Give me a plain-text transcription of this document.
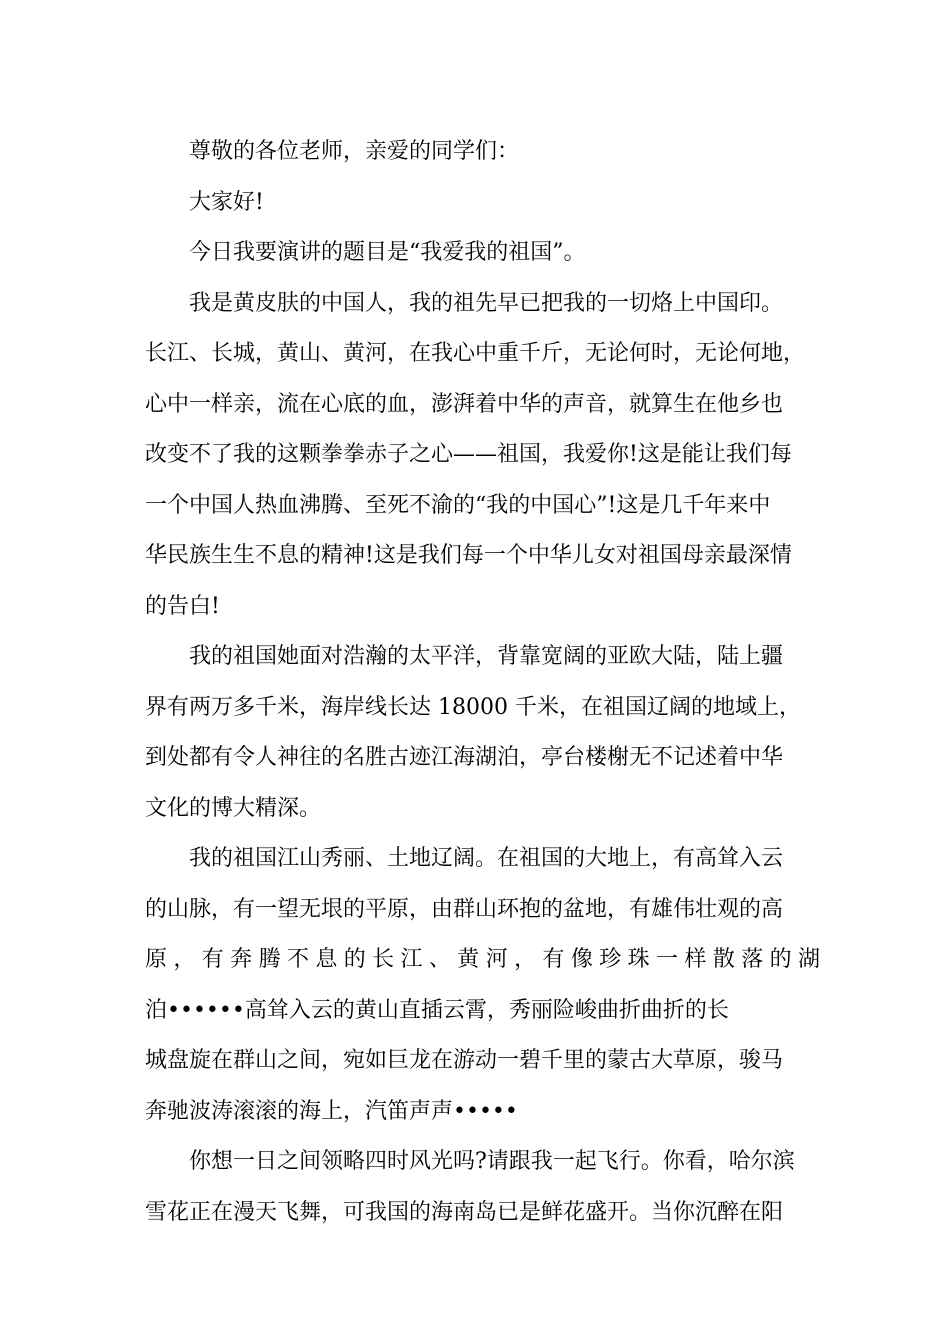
尊敬的各位老师，亲爱的同学们：
大家好!
今日我要演讲的题目是“我爱我的祖国”。
我是黄皮肤的中国人，我的祖先早已把我的一切烙上中国印。
长江、长城，黄山、黄河，在我心中重千斤，无论何时，无论何地，
心中一样亲，流在心底的血，澎湃着中华的声音，就算生在他乡也
改变不了我的这颗拳拳赤子之心——祖国，我爱你!这是能让我们每
一个中国人热血沸腾、至死不渝的“我的中国心”!这是几千年来中
华民族生生不息的精神!这是我们每一个中华儿女对祖国母亲最深情
的告白!
我的祖国她面对浩瀚的太平洋，背靠宽阔的亚欧大陆，陆上疆
界有两万多千米，海岸线长达 18000 千米，在祖国辽阔的地域上，
到处都有令人神往的名胜古迹江海湖泊，亭台楼榭无不记述着中华
文化的博大精深。
我的祖国江山秀丽、土地辽阔。在祖国的大地上，有高耸入云
的山脉，有一望无垠的平原，由群山环抱的盆地，有雄伟壮观的高
原 ， 有 奔 腾 不 息 的 长 江 、 黄 河 ， 有 像 珍 珠 一 样 散 落 的 湖
泊••••••高耸入云的黄山直插云霄，秀丽险峻曲折曲折的长
城盘旋在群山之间，宛如巨龙在游动一碧千里的蒙古大草原，骏马
奔驰波涛滚滚的海上，汽笛声声•••••
你想一日之间领略四时风光吗?请跟我一起飞行。你看，哈尔滨
雪花正在漫天飞舞，可我国的海南岛已是鲜花盛开。当你沉醉在阳
